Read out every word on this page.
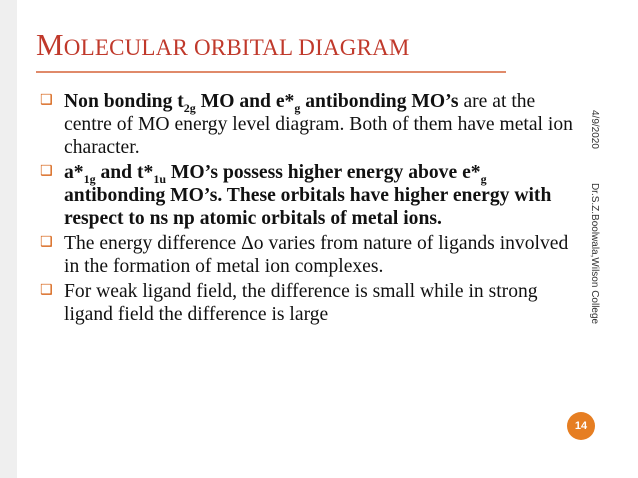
MOLECULAR ORBITAL DIAGRAM
❑ Non bonding $t_{2g}$ MO and $e*_g$ antibonding MO’s are at the centre of MO energy level diagram. Both of them have metal ion character.
❑ $a*_{1g}$ and $t*_{1u}$ MO’s possess higher energy above $e*_g$ antibonding MO’s. These orbitals have higher energy with respect to ns np atomic orbitals of metal ions.
❑ The energy difference Δo varies from nature of ligands involved in the formation of metal ion complexes.
❑ For weak ligand field, the difference is small while in strong ligand field the difference is large
4/9/2020Dr.S.Z.Boolwala,Wilson College
14
